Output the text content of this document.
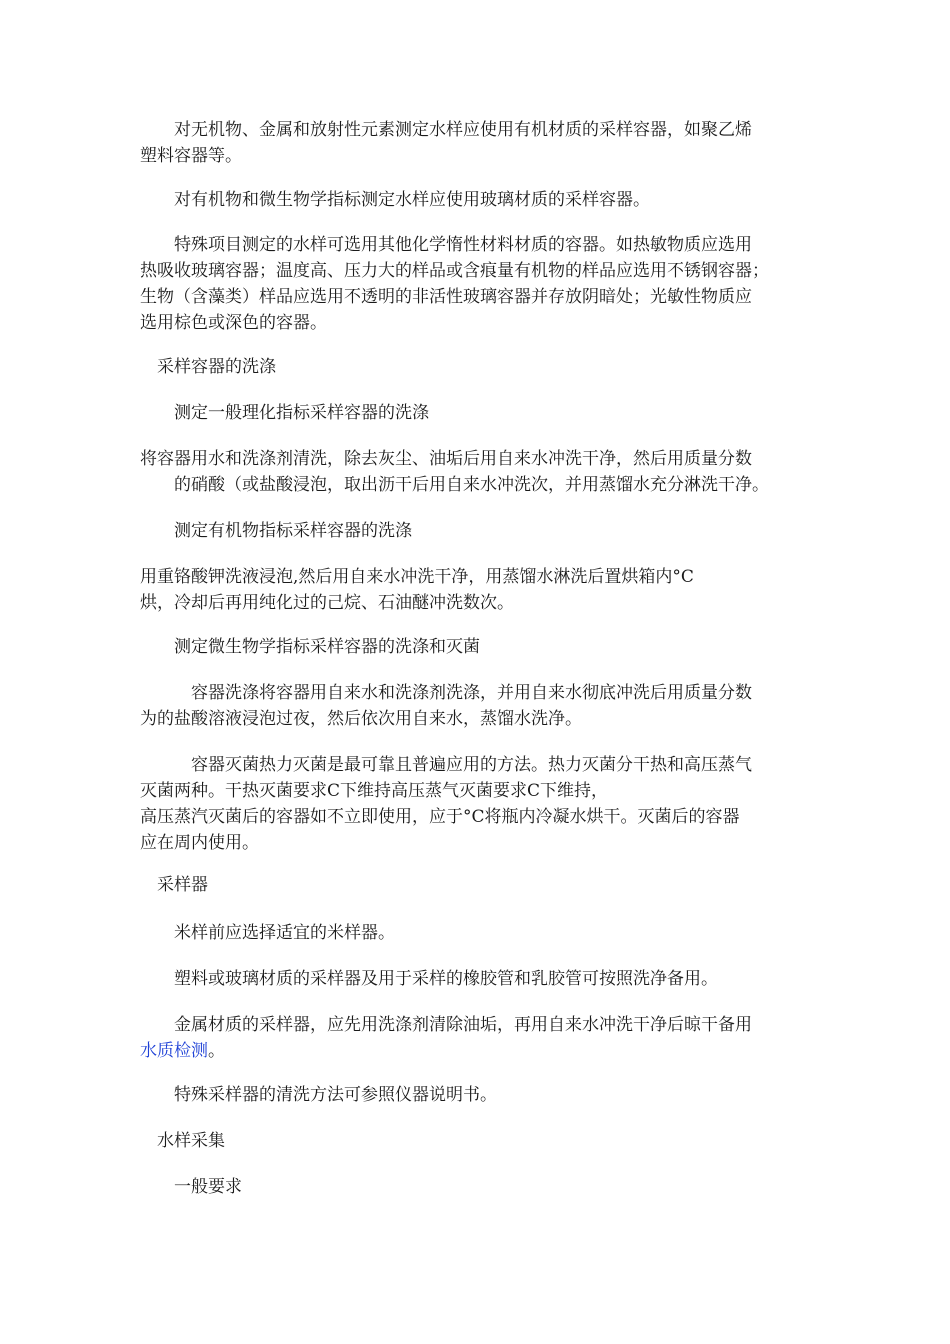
　　对无机物、金属和放射性元素测定水样应使用有机材质的采样容器，如聚乙烯
塑料容器等。

　　对有机物和微生物学指标测定水样应使用玻璃材质的采样容器。

　　特殊项目测定的水样可选用其他化学惰性材料材质的容器。如热敏物质应选用
热吸收玻璃容器；温度高、压力大的样品或含痕量有机物的样品应选用不锈钢容器；
生物（含藻类）样品应选用不透明的非活性玻璃容器并存放阴暗处；光敏性物质应
选用棕色或深色的容器。

　采样容器的洗涤

　　测定一般理化指标采样容器的洗涤

将容器用水和洗涤剂清洗，除去灰尘、油垢后用自来水冲洗干净，然后用质量分数
　　的硝酸（或盐酸浸泡，取出沥干后用自来水冲洗次，并用蒸馏水充分淋洗干净。

　　测定有机物指标采样容器的洗涤

用重铬酸钾洗液浸泡,然后用自来水冲洗干净，用蒸馏水淋洗后置烘箱内°C
烘，冷却后再用纯化过的己烷、石油醚冲洗数次。

　　测定微生物学指标采样容器的洗涤和灭菌

　　　容器洗涤将容器用自来水和洗涤剂洗涤，并用自来水彻底冲洗后用质量分数
为的盐酸溶液浸泡过夜，然后依次用自来水，蒸馏水洗净。

　　　容器灭菌热力灭菌是最可靠且普遍应用的方法。热力灭菌分干热和高压蒸气
灭菌两种。干热灭菌要求C下维持高压蒸气灭菌要求C下维持，
高压蒸汽灭菌后的容器如不立即使用，应于°C将瓶内冷凝水烘干。灭菌后的容器
应在周内使用。

　采样器

　　米样前应选择适宜的米样器。

　　塑料或玻璃材质的采样器及用于采样的橡胶管和乳胶管可按照洗净备用。

　　金属材质的采样器，应先用洗涤剂清除油垢，再用自来水冲洗干净后晾干备用
水质检测。

　　特殊采样器的清洗方法可参照仪器说明书。

　水样采集

　　一般要求
